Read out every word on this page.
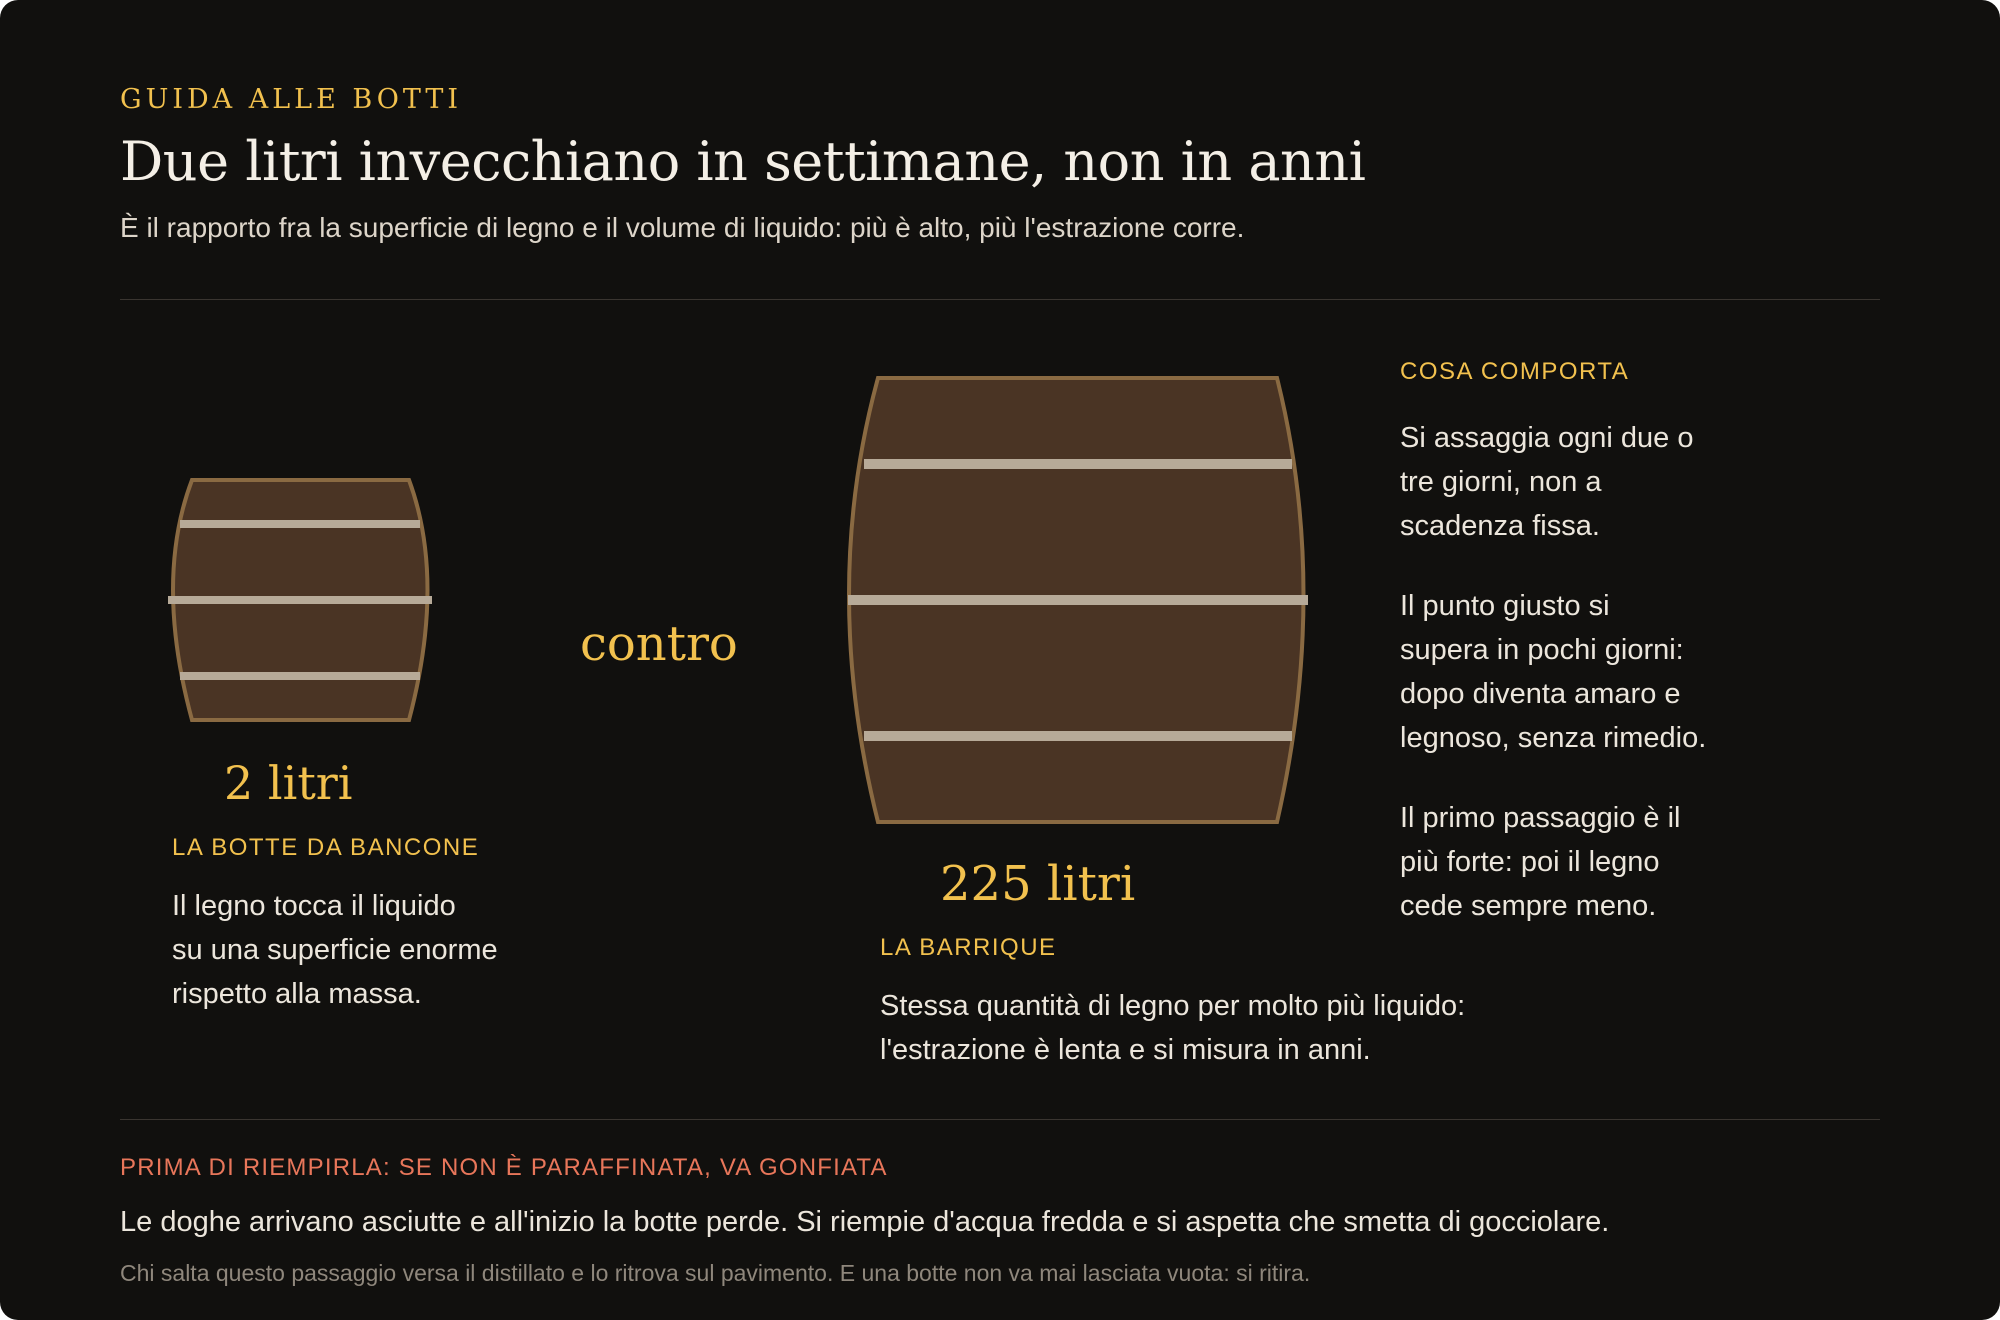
GUIDA ALLE BOTTI
Due litri invecchiano in settimane, non in anni
È il rapporto fra la superficie di legno e il volume di liquido: più è alto, più l'estrazione corre.
2 litri
LA BOTTE DA BANCONE
Il legno tocca il liquido
su una superficie enorme
rispetto alla massa.
contro
225 litri
LA BARRIQUE
Stessa quantità di legno per molto più liquido:
l'estrazione è lenta e si misura in anni.
COSA COMPORTA
Si assaggia ogni due o
tre giorni, non a
scadenza fissa.
Il punto giusto si
supera in pochi giorni:
dopo diventa amaro e
legnoso, senza rimedio.
Il primo passaggio è il
più forte: poi il legno
cede sempre meno.
PRIMA DI RIEMPIRLA: SE NON È PARAFFINATA, VA GONFIATA
Le doghe arrivano asciutte e all'inizio la botte perde. Si riempie d'acqua fredda e si aspetta che smetta di gocciolare.
Chi salta questo passaggio versa il distillato e lo ritrova sul pavimento. E una botte non va mai lasciata vuota: si ritira.
